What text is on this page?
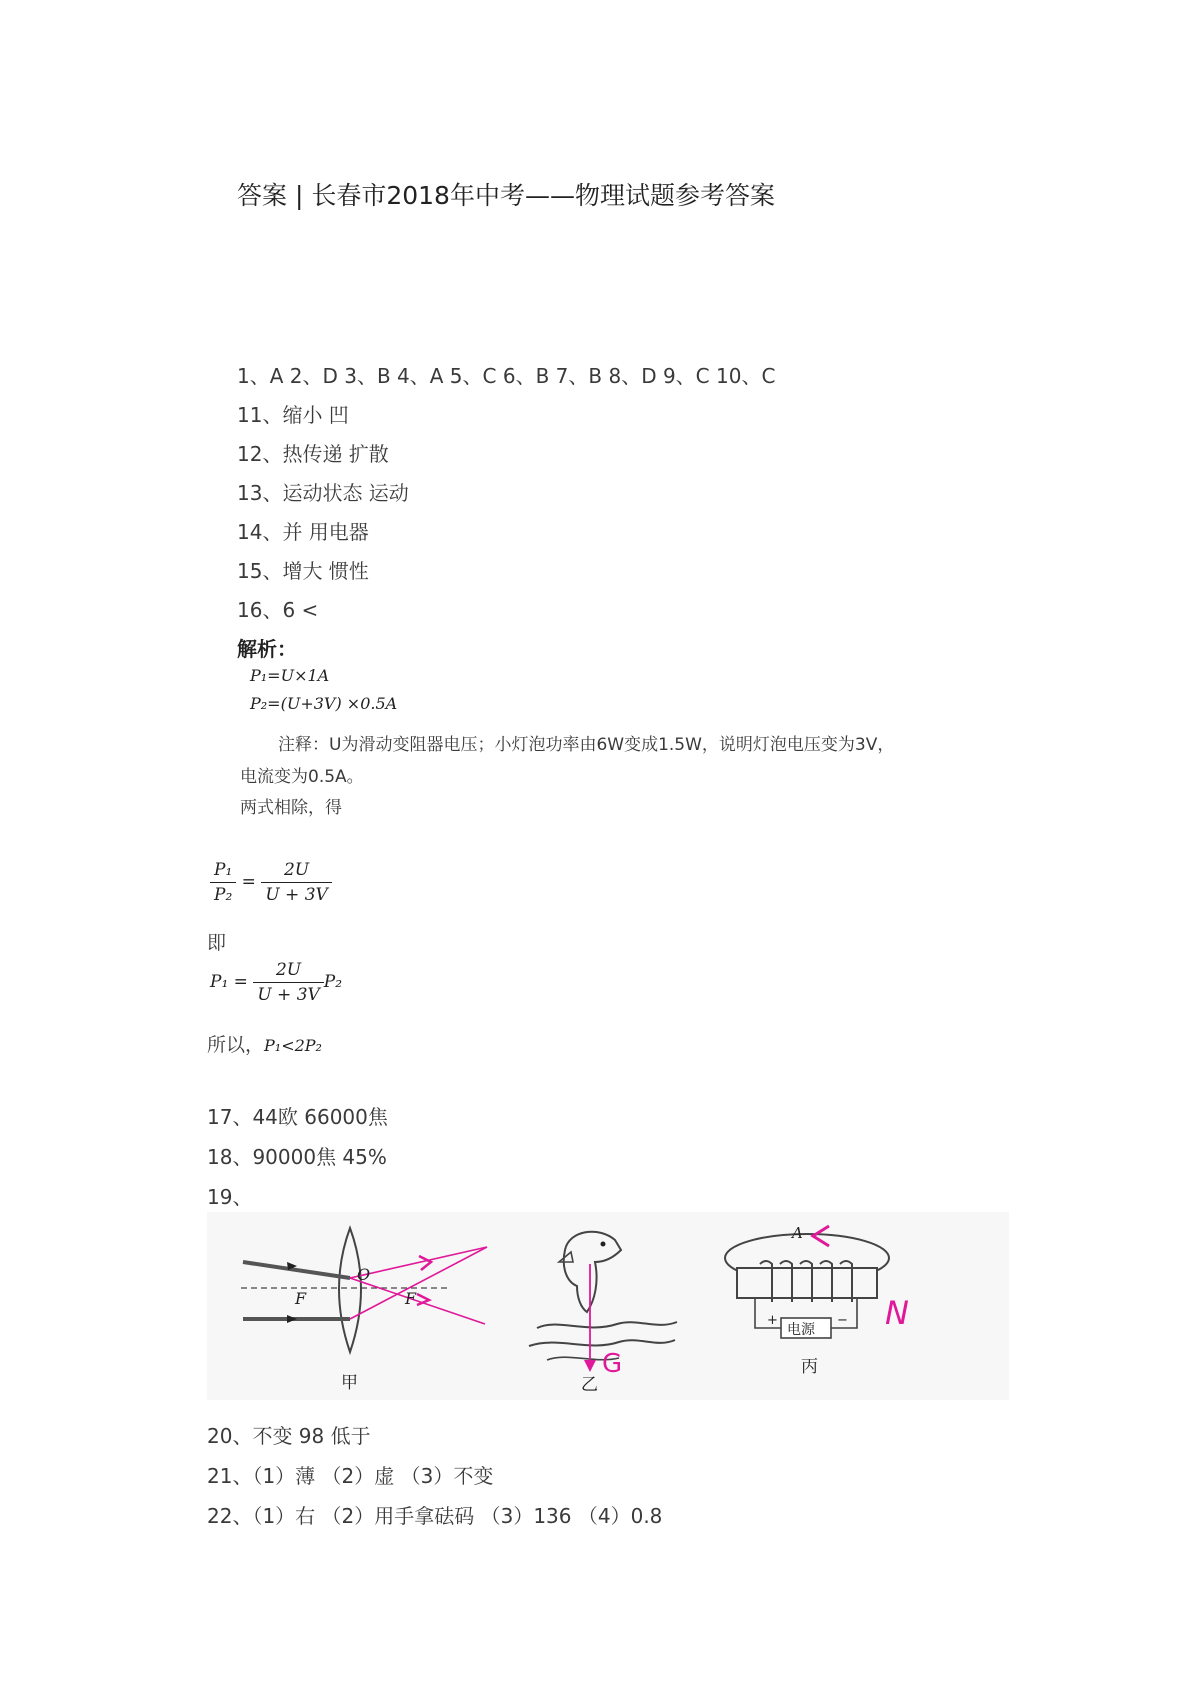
答案 | 长春市2018年中考——物理试题参考答案
1、A 2、D 3、B 4、A 5、C 6、B 7、B 8、D 9、C 10、C
11、缩小 凹
12、热传递 扩散
13、运动状态 运动
14、并 用电器
15、增大 惯性
16、6 <
解析：
P₁=U×1A
P₂=(U+3V) ×0.5A
注释：U为滑动变阻器电压；小灯泡功率由6W变成1.5W，说明灯泡电压变为3V，
电流变为0.5A。
两式相除，得
$\frac{\text{P₁}}{\text{P₂}} = \frac{2U}{U + 3V}$
即
$P_1 = \frac{2U}{U + 3V} P_2$
所以，P₁<2P₂
17、44欧 66000焦
18、90000焦 45%
19、
O
F	F
甲
G
乙
电源
+	−
A
N
丙
20、不变 98 低于
21、（1）薄 （2）虚 （3）不变
22、（1）右 （2）用手拿砝码 （3）136 （4）0.8
